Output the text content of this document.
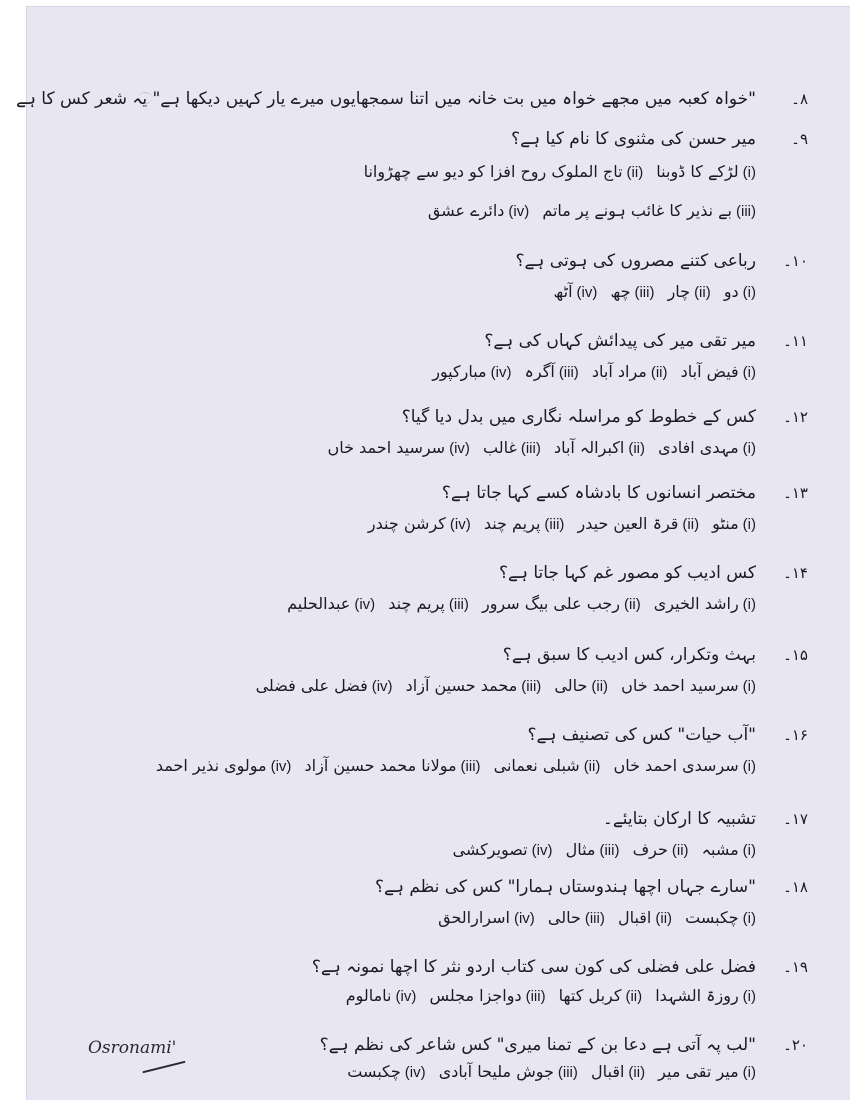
۸۔
"خواہ کعبہ میں مجھے خواہ میں بت خانہ میں اتنا سمجھایوں میرے یار کہیں دیکھا ہے" یہ شعر کس کا ہے
۹۔
میر حسن کی مثنوی کا نام کیا ہے؟
(i)لڑکے کا ڈوبنا (ii)تاج الملوک روح افزا کو دیو سے چھڑوانا
(iii)بے نذیر کا غائب ہونے پر ماتم (iv)دائرے عشق
۱۰۔
رباعی کتنے مصروں کی ہوتی ہے؟
(i)دو (ii)چار (iii)چھ (iv)آٹھ
۱۱۔
میر تقی میر کی پیدائش کہاں کی ہے؟
(i)فیض آباد (ii)مراد آباد (iii)آگرہ (iv)مبارکپور
۱۲۔
کس کے خطوط کو مراسلہ نگاری میں بدل دیا گیا؟
(i)مہدی افادی (ii)اکبرالہ آباد (iii)غالب (iv)سرسید احمد خاں
۱۳۔
مختصر انسانوں کا بادشاہ کسے کہا جاتا ہے؟
(i)منٹو (ii)قرۃ العین حیدر (iii)پریم چند (iv)کرشن چندر
۱۴۔
کس ادیب کو مصور غم کہا جاتا ہے؟
(i)راشد الخیری (ii)رجب علی بیگ سرور (iii)پریم چند (iv)عبدالحلیم
۱۵۔
بہث وتکرار، کس ادیب کا سبق ہے؟
(i)سرسید احمد خاں (ii)حالی (iii)محمد حسین آزاد (iv)فضل علی فضلی
۱۶۔
"آب حیات" کس کی تصنیف ہے؟
(i)سرسدی احمد خاں (ii)شبلی نعمانی (iii)مولانا محمد حسین آزاد (iv)مولوی نذیر احمد
۱۷۔
تشبیہ کا ارکان بتایئے۔
(i)مشبہ (ii)حرف (iii)مثال (iv)تصویرکشی
۱۸۔
"سارے جہاں اچھا ہندوستاں ہمارا" کس کی نظم ہے؟
(i)چکبست (ii)اقبال (iii)حالی (iv)اسرارالحق
۱۹۔
فضل علی فضلی کی کون سی کتاب اردو نثر کا اچھا نمونہ ہے؟
(i)روزۃ الشہدا (ii)کربل کتھا (iii)دواجزا مجلس (iv)نامالوم
۲۰۔
"لب پہ آتی ہے دعا بن کے تمنا میری" کس شاعر کی نظم ہے؟
(i)میر تقی میر (ii)اقبال (iii)جوش ملیحا آبادی (iv)چکبست
Osronami'
